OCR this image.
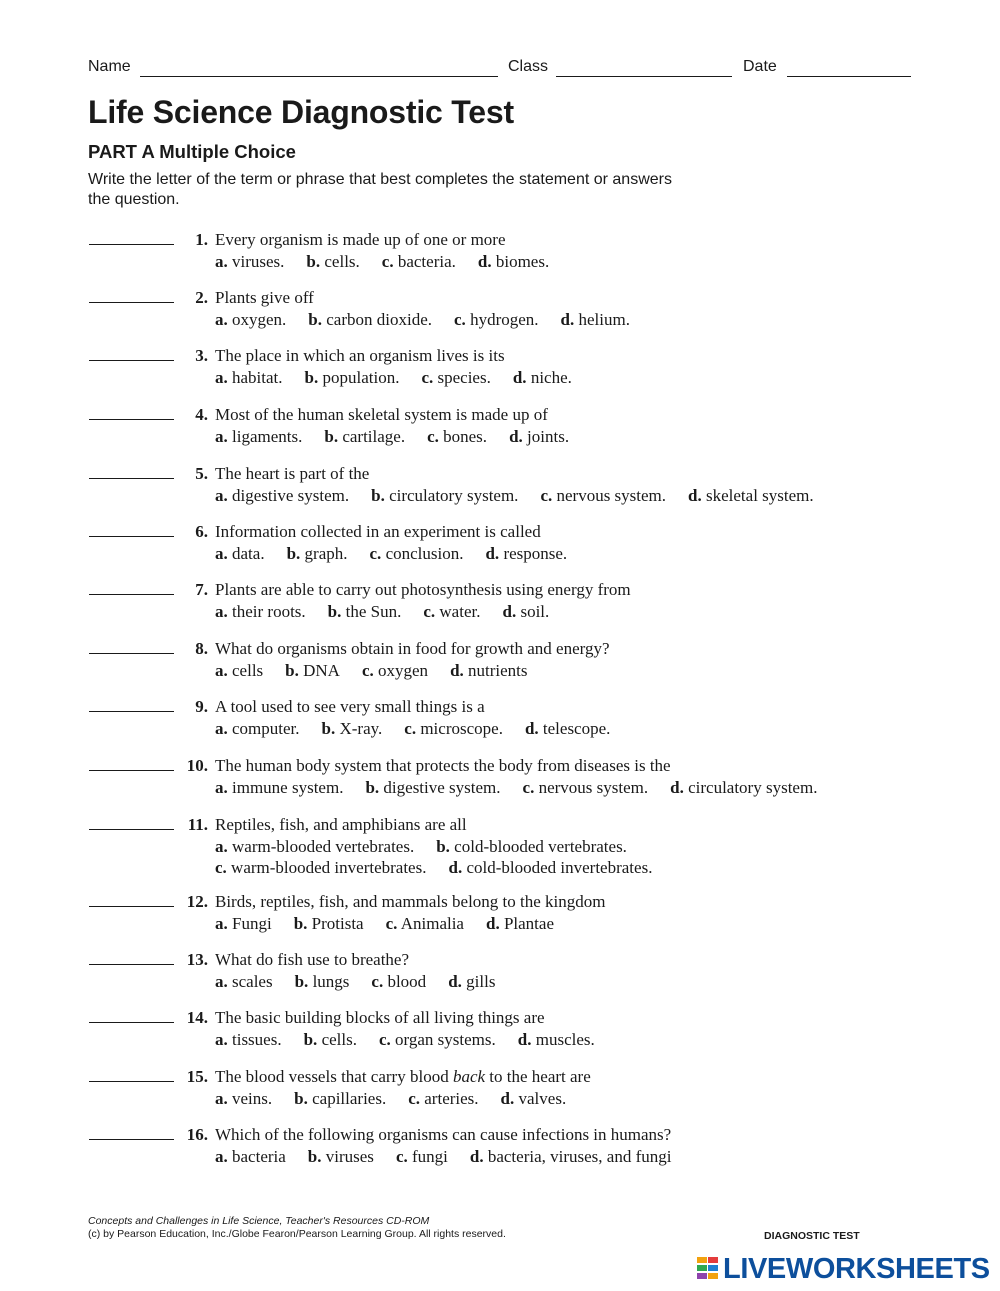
Name	Class	Date
Life Science Diagnostic Test
PART A Multiple Choice

Write the letter of the term or phrase that best completes the statement or answers the question.

1. Every organism is made up of one or more
a. viruses. b. cells. c. bacteria. d. biomes.
2. Plants give off
a. oxygen. b. carbon dioxide. c. hydrogen. d. helium.
3. The place in which an organism lives is its
a. habitat. b. population. c. species. d. niche.
4. Most of the human skeletal system is made up of
a. ligaments. b. cartilage. c. bones. d. joints.
5. The heart is part of the
a. digestive system. b. circulatory system. c. nervous system. d. skeletal system.
6. Information collected in an experiment is called
a. data. b. graph. c. conclusion. d. response.
7. Plants are able to carry out photosynthesis using energy from
a. their roots. b. the Sun. c. water. d. soil.
8. What do organisms obtain in food for growth and energy?
a. cells b. DNA c. oxygen d. nutrients
9. A tool used to see very small things is a
a. computer. b. X-ray. c. microscope. d. telescope.
10. The human body system that protects the body from diseases is the
a. immune system. b. digestive system. c. nervous system. d. circulatory system.
11. Reptiles, fish, and amphibians are all
a. warm-blooded vertebrates. b. cold-blooded vertebrates.
c. warm-blooded invertebrates. d. cold-blooded invertebrates.
12. Birds, reptiles, fish, and mammals belong to the kingdom
a. Fungi b. Protista c. Animalia d. Plantae
13. What do fish use to breathe?
a. scales b. lungs c. blood d. gills
14. The basic building blocks of all living things are
a. tissues. b. cells. c. organ systems. d. muscles.
15. The blood vessels that carry blood back to the heart are
a. veins. b. capillaries. c. arteries. d. valves.
16. Which of the following organisms can cause infections in humans?
a. bacteria b. viruses c. fungi d. bacteria, viruses, and fungi
Concepts and Challenges in Life Science, Teacher's Resources CD-ROM
(c) by Pearson Education, Inc./Globe Fearon/Pearson Learning Group. All rights reserved.	DIAGNOSTIC TEST
LIVEWORKSHEETS
